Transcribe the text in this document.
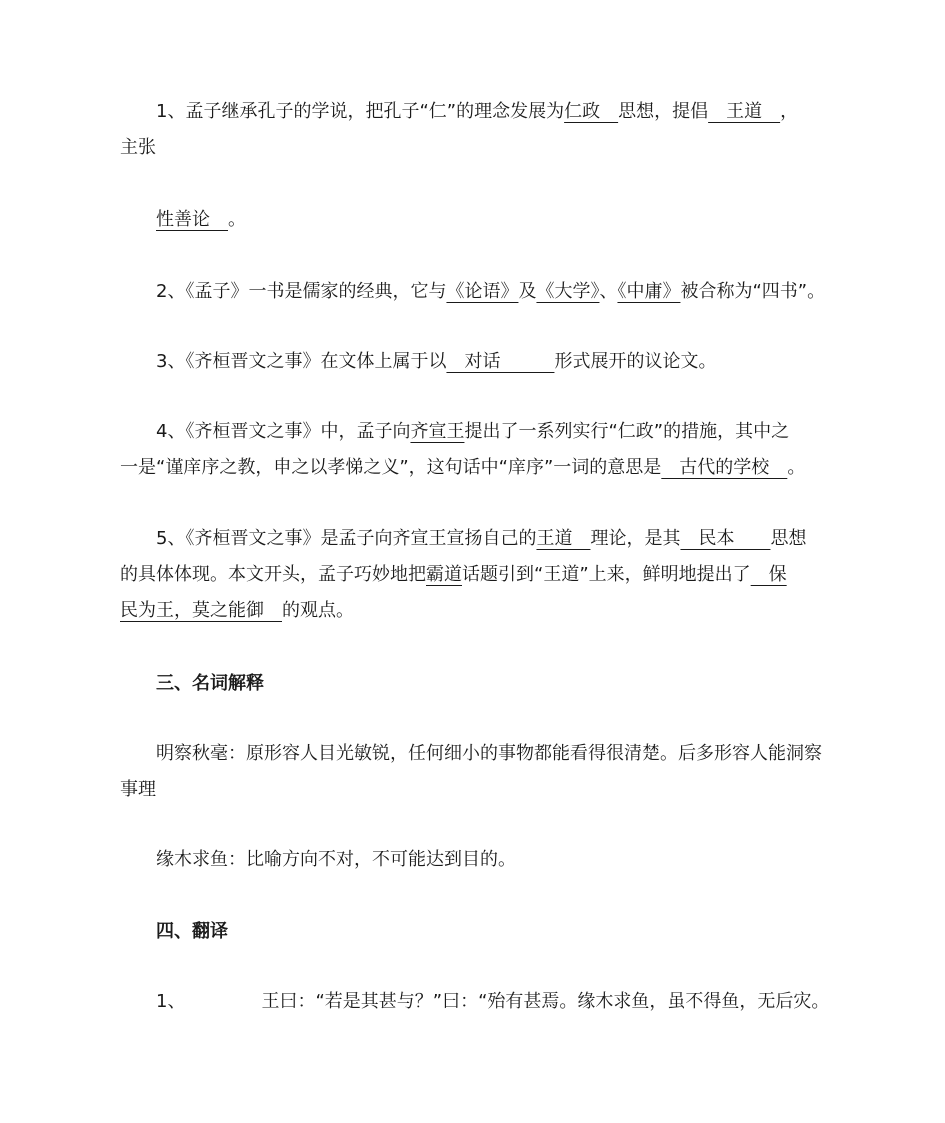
1、孟子继承孔子的学说，把孔子“仁”的理念发展为仁政　思想，提倡　王道　，
主张
性善论　。
2、《孟子》一书是儒家的经典，它与《论语》及《大学》、《中庸》被合称为“四书”。
3、《齐桓晋文之事》在文体上属于以　对话　　　形式展开的议论文。
4、《齐桓晋文之事》中，孟子向齐宣王提出了一系列实行“仁政”的措施，其中之
一是“谨庠序之教，申之以孝悌之义”，这句话中“庠序”一词的意思是　古代的学校　。
5、《齐桓晋文之事》是孟子向齐宣王宣扬自己的王道　理论，是其　民本　　思想
的具体体现。本文开头，孟子巧妙地把霸道话题引到“王道”上来，鲜明地提出了　保
民为王，莫之能御　的观点。
三、名词解释
明察秋毫：原形容人目光敏锐，任何细小的事物都能看得很清楚。后多形容人能洞察
事理
缘木求鱼：比喻方向不对，不可能达到目的。
四、翻译
1、	王曰：“若是其甚与？”曰：“殆有甚焉。缘木求鱼，虽不得鱼，无后灾。
